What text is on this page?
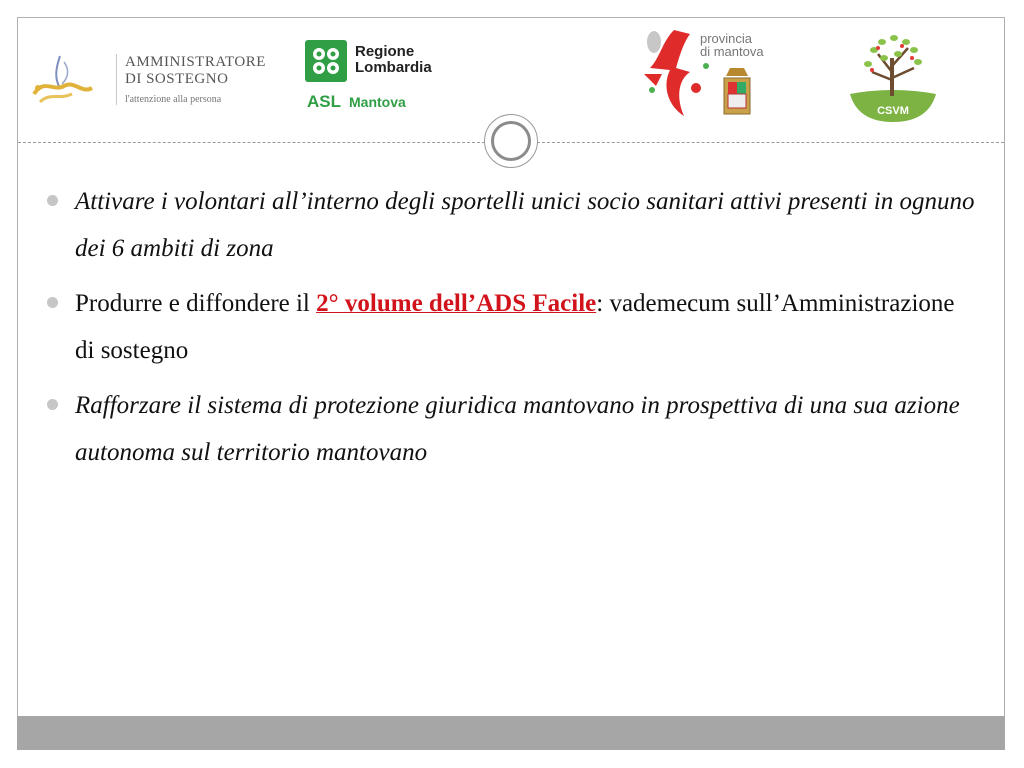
AMMINISTRATORE
DI SOSTEGNO
l'attenzione alla persona
Regione
Lombardia
ASL Mantova
provincia
di mantova
CSVM
Attivare i volontari all’interno degli sportelli unici socio sanitari attivi presenti in ognuno dei 6 ambiti di zona
Produrre e diffondere il 2° volume dell’ADS Facile: vademecum sull’Amministrazione di sostegno
Rafforzare il sistema di protezione giuridica mantovano in prospettiva di una sua azione autonoma sul territorio mantovano
